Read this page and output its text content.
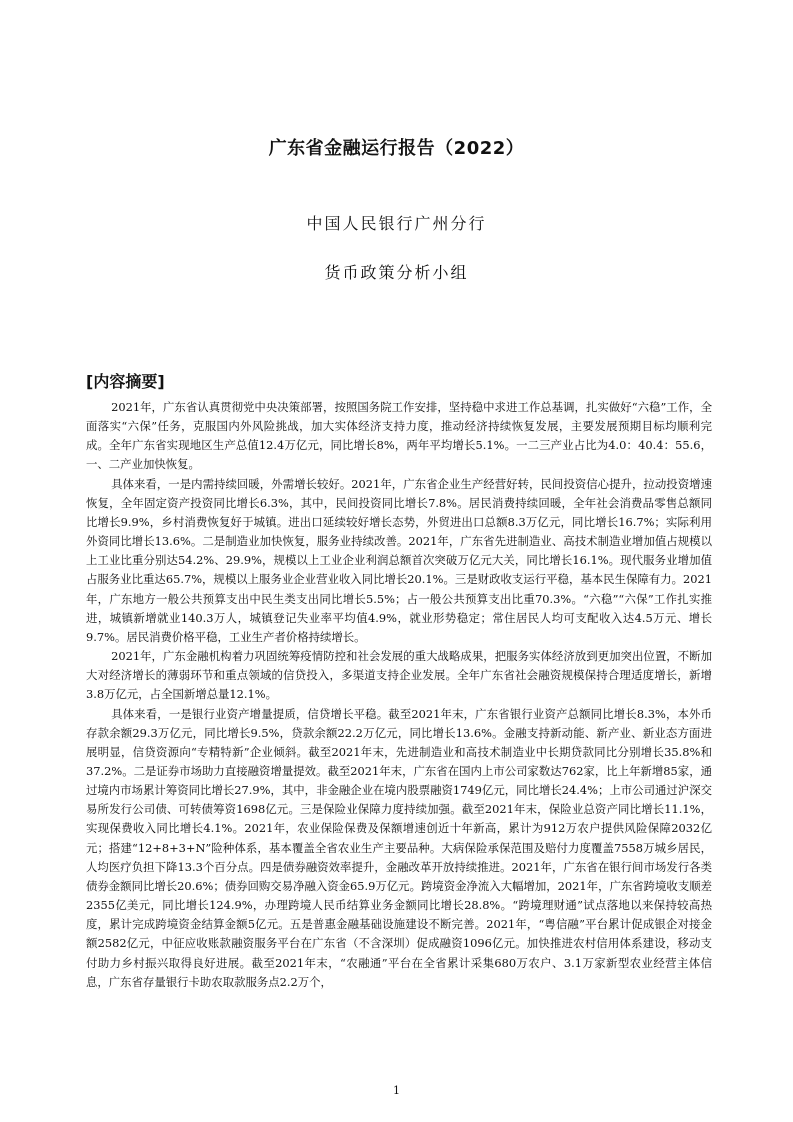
广东省金融运行报告（2022）

中国人民银行广州分行

货币政策分析小组

[内容摘要]

2021年，广东省认真贯彻党中央决策部署，按照国务院工作安排，坚持稳中求进工作总基调，扎实做好“六稳”工作，全面落实“六保”任务，克服国内外风险挑战，加大实体经济支持力度，推动经济持续恢复发展，主要发展预期目标均顺利完成。全年广东省实现地区生产总值12.4万亿元，同比增长8%，两年平均增长5.1%。一二三产业占比为4.0：40.4：55.6，一、二产业加快恢复。

具体来看，一是内需持续回暖，外需增长较好。2021年，广东省企业生产经营好转，民间投资信心提升，拉动投资增速恢复，全年固定资产投资同比增长6.3%，其中，民间投资同比增长7.8%。居民消费持续回暖，全年社会消费品零售总额同比增长9.9%，乡村消费恢复好于城镇。进出口延续较好增长态势，外贸进出口总额8.3万亿元，同比增长16.7%；实际利用外资同比增长13.6%。二是制造业加快恢复，服务业持续改善。2021年，广东省先进制造业、高技术制造业增加值占规模以上工业比重分别达54.2%、29.9%，规模以上工业企业利润总额首次突破万亿元大关，同比增长16.1%。现代服务业增加值占服务业比重达65.7%，规模以上服务业企业营业收入同比增长20.1%。三是财政收支运行平稳，基本民生保障有力。2021年，广东地方一般公共预算支出中民生类支出同比增长5.5%；占一般公共预算支出比重70.3%。“六稳”“六保”工作扎实推进，城镇新增就业140.3万人，城镇登记失业率平均值4.9%，就业形势稳定；常住居民人均可支配收入达4.5万元、增长9.7%。居民消费价格平稳，工业生产者价格持续增长。

2021年，广东金融机构着力巩固统筹疫情防控和社会发展的重大战略成果，把服务实体经济放到更加突出位置，不断加大对经济增长的薄弱环节和重点领域的信贷投入，多渠道支持企业发展。全年广东省社会融资规模保持合理适度增长，新增3.8万亿元，占全国新增总量12.1%。

具体来看，一是银行业资产增量提质，信贷增长平稳。截至2021年末，广东省银行业资产总额同比增长8.3%，本外币存款余额29.3万亿元，同比增长9.5%，贷款余额22.2万亿元，同比增长13.6%。金融支持新动能、新产业、新业态方面进展明显，信贷资源向“专精特新”企业倾斜。截至2021年末，先进制造业和高技术制造业中长期贷款同比分别增长35.8%和37.2%。二是证券市场助力直接融资增量提效。截至2021年末，广东省在国内上市公司家数达762家，比上年新增85家，通过境内市场累计筹资同比增长27.9%，其中，非金融企业在境内股票融资1749亿元，同比增长24.4%；上市公司通过沪深交易所发行公司债、可转债筹资1698亿元。三是保险业保障力度持续加强。截至2021年末，保险业总资产同比增长11.1%，实现保费收入同比增长4.1%。2021年，农业保险保费及保额增速创近十年新高，累计为912万农户提供风险保障2032亿元；搭建“12+8+3+N”险种体系，基本覆盖全省农业生产主要品种。大病保险承保范围及赔付力度覆盖7558万城乡居民，人均医疗负担下降13.3个百分点。四是债券融资效率提升，金融改革开放持续推进。2021年，广东省在银行间市场发行各类债券金额同比增长20.6%；债券回购交易净融入资金65.9万亿元。跨境资金净流入大幅增加，2021年，广东省跨境收支顺差2355亿美元，同比增长124.9%，办理跨境人民币结算业务金额同比增长28.8%。“跨境理财通”试点落地以来保持较高热度，累计完成跨境资金结算金额5亿元。五是普惠金融基础设施建设不断完善。2021年，“粤信融”平台累计促成银企对接金额2582亿元，中征应收账款融资服务平台在广东省（不含深圳）促成融资1096亿元。加快推进农村信用体系建设，移动支付助力乡村振兴取得良好进展。截至2021年末，“农融通”平台在全省累计采集680万农户、3.1万家新型农业经营主体信息，广东省存量银行卡助农取款服务点2.2万个，

1
